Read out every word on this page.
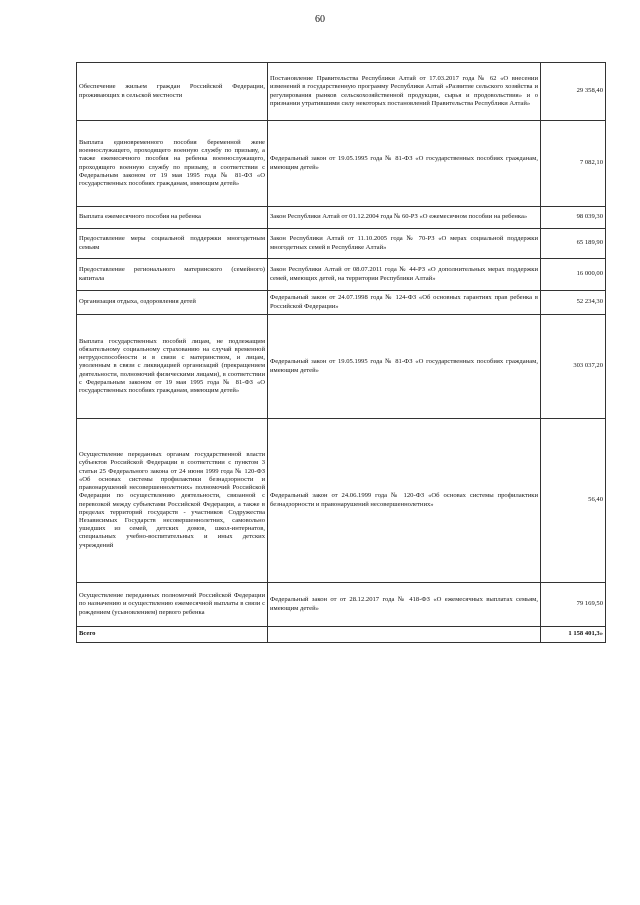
60
Обеспечение жильем граждан Российской Федерации, проживающих в сельской местности	Постановление Правительства Республики Алтай от 17.03.2017 года № 62 «О внесении изменений в государственную программу Республики Алтай «Развитие сельского хозяйства и регулирования рынков сельскохозяйственной продукции, сырья и продовольствия» и о признании утратившими силу некоторых постановлений Правительства Республики Алтай»	29 358,40
Выплата единовременного пособия беременной жене военнослужащего, проходящего военную службу по призыву, а также ежемесячного пособия на ребенка военнослужащего, проходящего военную службу по призыву, в соответствии с Федеральным законом от 19 мая 1995 года № 81-ФЗ «О государственных пособиях гражданам, имеющим детей»	Федеральный закон от 19.05.1995 года № 81-ФЗ «О государственных пособиях гражданам, имеющим детей»	7 082,10
Выплата ежемесячного пособия на ребенка	Закон Республики Алтай от 01.12.2004 года № 60-РЗ «О ежемесячном пособии на ребенка»	98 039,30
Предоставление меры социальной поддержки многодетным семьям	Закон Республики Алтай от 11.10.2005 года № 70-РЗ «О мерах социальной поддержки многодетных семей в Республике Алтай»	65 189,90
Предоставление регионального материнского (семейного) капитала	Закон Республики Алтай от 08.07.2011 года № 44-РЗ «О дополнительных мерах поддержки семей, имеющих детей, на территории Республики Алтай»	16 000,00
Организация отдыха, оздоровления детей	Федеральный закон от 24.07.1998 года № 124-ФЗ «Об основных гарантиях прав ребенка в Российской Федерации»	52 234,30
Выплата государственных пособий лицам, не подлежащим обязательному социальному страхованию на случай временной нетрудоспособности и в связи с материнством, и лицам, уволенным в связи с ликвидацией организаций (прекращением деятельности, полномочий физическими лицами), в соответствии с Федеральным законом от 19 мая 1995 года № 81-ФЗ «О государственных пособиях гражданам, имеющим детей»	Федеральный закон от 19.05.1995 года № 81-ФЗ «О государственных пособиях гражданам, имеющим детей»	303 037,20
Осуществление переданных органам государственной власти субъектов Российской Федерации в соответствии с пунктом 3 статьи 25 Федерального закона от 24 июня 1999 года № 120-ФЗ «Об основах системы профилактики безнадзорности и правонарушений несовершеннолетних» полномочий Российской Федерации по осуществлению деятельности, связанной с перевозкой между субъектами Российской Федерации, а также в пределах территорий государств - участников Содружества Независимых Государств несовершеннолетних, самовольно ушедших из семей, детских домов, школ-интернатов, специальных учебно-воспитательных и иных детских учреждений	Федеральный закон от 24.06.1999 года № 120-ФЗ «Об основах системы профилактики безнадзорности и правонарушений несовершеннолетних»	56,40
Осуществление переданных полномочий Российской Федерации по назначению и осуществлению ежемесячной выплаты в связи с рождением (усыновлением) первого ребенка	Федеральный закон от от 28.12.2017 года № 418-ФЗ «О ежемесячных выплатах семьям, имеющим детей»	79 169,50
Всего		1 158 401,3»
